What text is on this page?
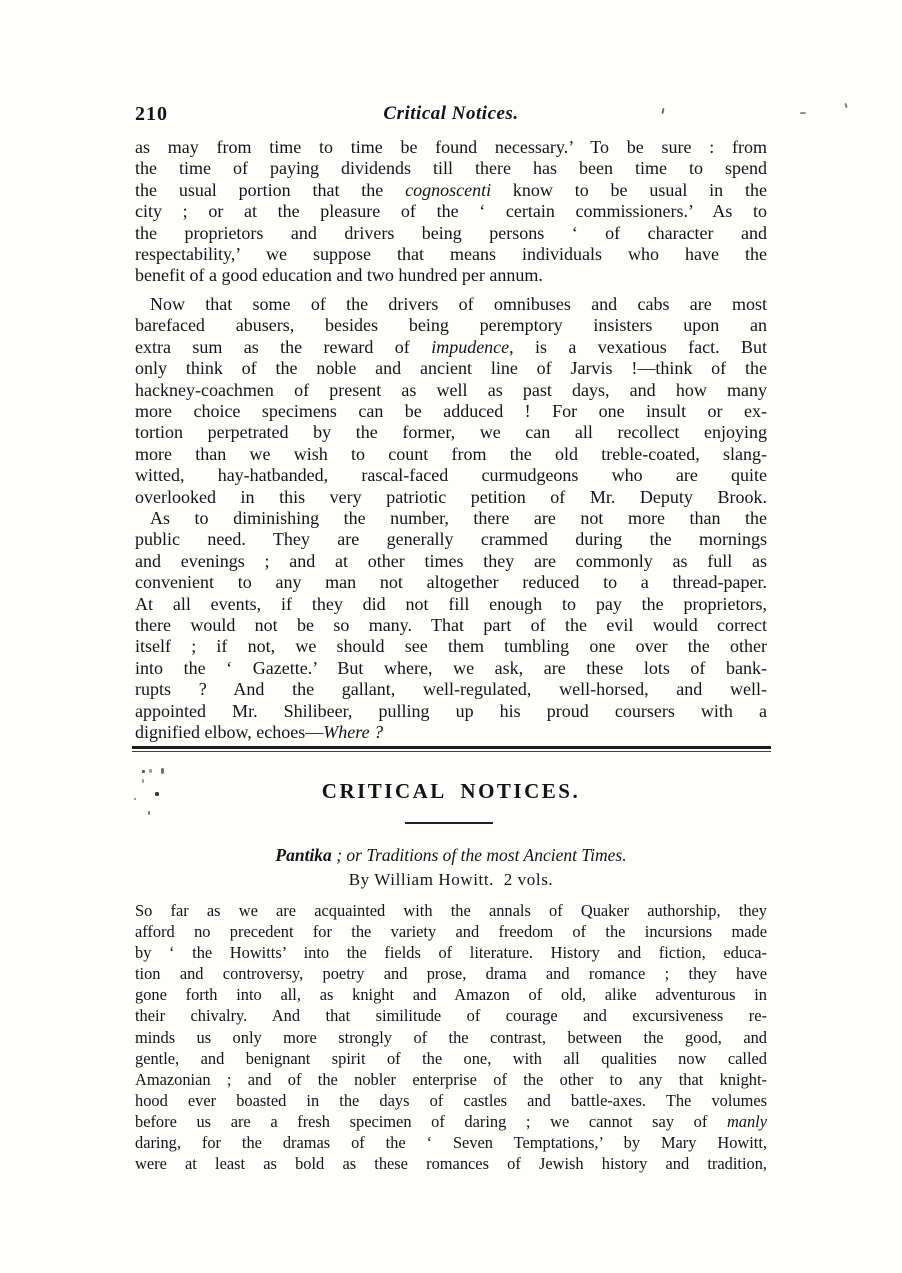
210	Critical Notices.
as may from time to time be found necessary.’ To be sure : from
the time of paying dividends till there has been time to spend
the usual portion that the cognoscenti know to be usual in the
city ; or at the pleasure of the ‘ certain commissioners.’ As to
the proprietors and drivers being persons ‘ of character and
respectability,’ we suppose that means individuals who have the
benefit of a good education and two hundred per annum.
Now that some of the drivers of omnibuses and cabs are most
barefaced abusers, besides being peremptory insisters upon an
extra sum as the reward of impudence, is a vexatious fact. But
only think of the noble and ancient line of Jarvis !—think of the
hackney-coachmen of present as well as past days, and how many
more choice specimens can be adduced ! For one insult or ex-
tortion perpetrated by the former, we can all recollect enjoying
more than we wish to count from the old treble-coated, slang-
witted, hay-hatbanded, rascal-faced curmudgeons who are quite
overlooked in this very patriotic petition of Mr. Deputy Brook.
As to diminishing the number, there are not more than the
public need. They are generally crammed during the mornings
and evenings ; and at other times they are commonly as full as
convenient to any man not altogether reduced to a thread-paper.
At all events, if they did not fill enough to pay the proprietors,
there would not be so many. That part of the evil would correct
itself ; if not, we should see them tumbling one over the other
into the ‘ Gazette.’ But where, we ask, are these lots of bank-
rupts ? And the gallant, well-regulated, well-horsed, and well-
appointed Mr. Shilibeer, pulling up his proud coursers with a
dignified elbow, echoes—Where ?
CRITICAL NOTICES.
Pantika ; or Traditions of the most Ancient Times.
By William Howitt.  2 vols.
So far as we are acquainted with the annals of Quaker authorship, they
afford no precedent for the variety and freedom of the incursions made
by ‘ the Howitts’ into the fields of literature. History and fiction, educa-
tion and controversy, poetry and prose, drama and romance ; they have
gone forth into all, as knight and Amazon of old, alike adventurous in
their chivalry. And that similitude of courage and excursiveness re-
minds us only more strongly of the contrast, between the good, and
gentle, and benignant spirit of the one, with all qualities now called
Amazonian ; and of the nobler enterprise of the other to any that knight-
hood ever boasted in the days of castles and battle-axes. The volumes
before us are a fresh specimen of daring ; we cannot say of manly
daring, for the dramas of the ‘ Seven Temptations,’ by Mary Howitt,
were at least as bold as these romances of Jewish history and tradition,
